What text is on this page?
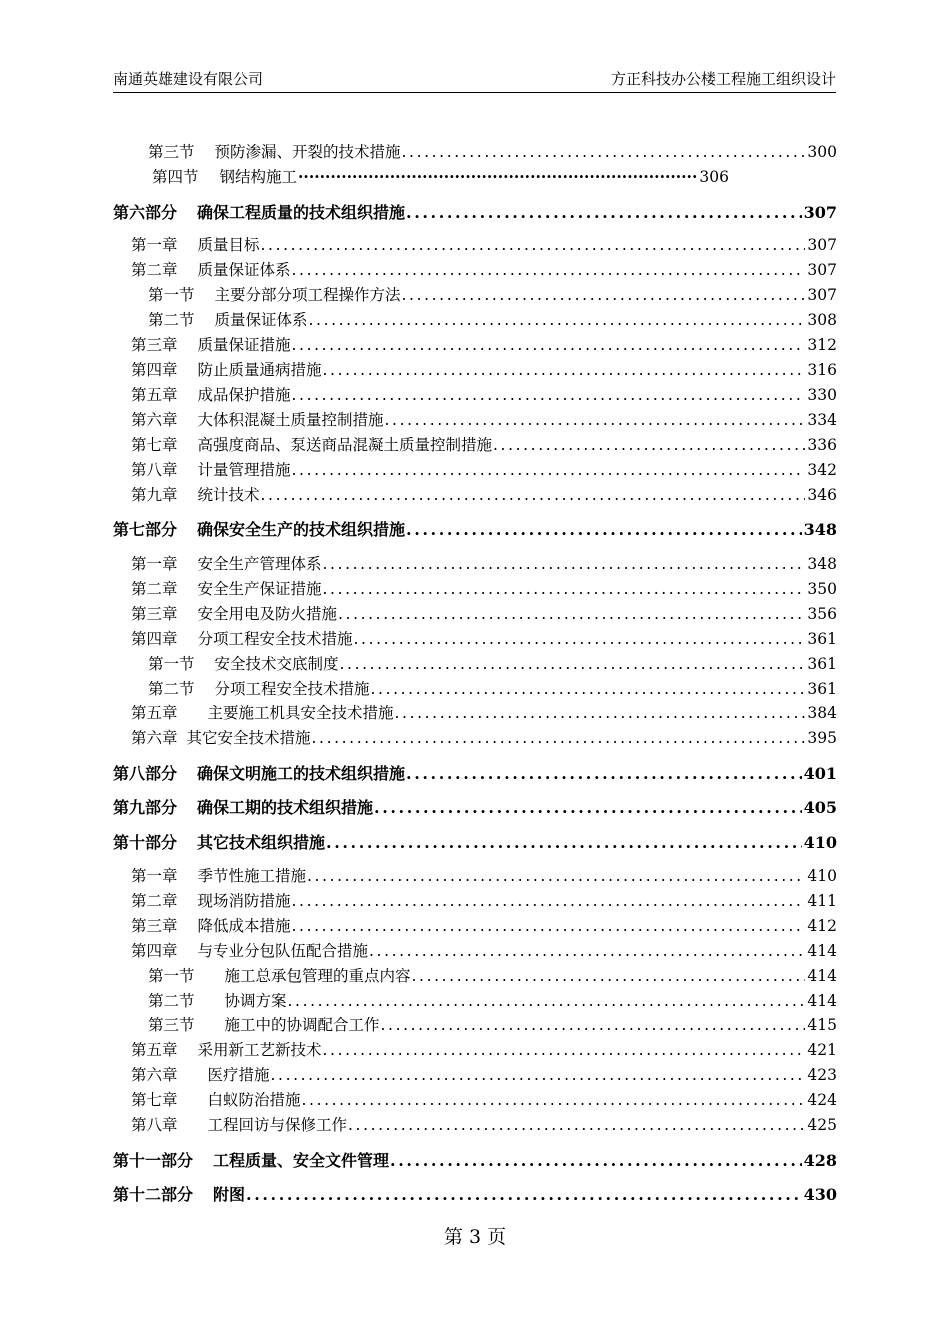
南通英雄建设有限公司	方正科技办公楼工程施工组织设计
第三节 预防渗漏、开裂的技术措施 .....	300
第四节 钢结构施工 ·····	306
第六部分 确保工程质量的技术组织措施 .....	307
第一章 质量目标 .....	307
第二章 质量保证体系 .....	307
第一节 主要分部分项工程操作方法 .....	307
第二节 质量保证体系 .....	308
第三章 质量保证措施 .....	312
第四章 防止质量通病措施 .....	316
第五章 成品保护措施 .....	330
第六章 大体积混凝土质量控制措施 .....	334
第七章 高强度商品、泵送商品混凝土质量控制措施 .....	336
第八章 计量管理措施 .....	342
第九章 统计技术 .....	346
第七部分 确保安全生产的技术组织措施 .....	348
第一章 安全生产管理体系 .....	348
第二章 安全生产保证措施 .....	350
第三章 安全用电及防火措施 .....	356
第四章 分项工程安全技术措施 .....	361
第一节 安全技术交底制度 .....	361
第二节 分项工程安全技术措施 .....	361
第五章 主要施工机具安全技术措施 .....	384
第六章 其它安全技术措施 .....	395
第八部分 确保文明施工的技术组织措施 .....	401
第九部分 确保工期的技术组织措施 .....	405
第十部分 其它技术组织措施 .....	410
第一章 季节性施工措施 .....	410
第二章 现场消防措施 .....	411
第三章 降低成本措施 .....	412
第四章 与专业分包队伍配合措施 .....	414
第一节 施工总承包管理的重点内容 .....	414
第二节 协调方案 .....	414
第三节 施工中的协调配合工作 .....	415
第五章 采用新工艺新技术 .....	421
第六章 医疗措施 .....	423
第七章 白蚁防治措施 .....	424
第八章 工程回访与保修工作 .....	425
第十一部分 工程质量、安全文件管理 .....	428
第十二部分 附图 .....	430
第 3 页
